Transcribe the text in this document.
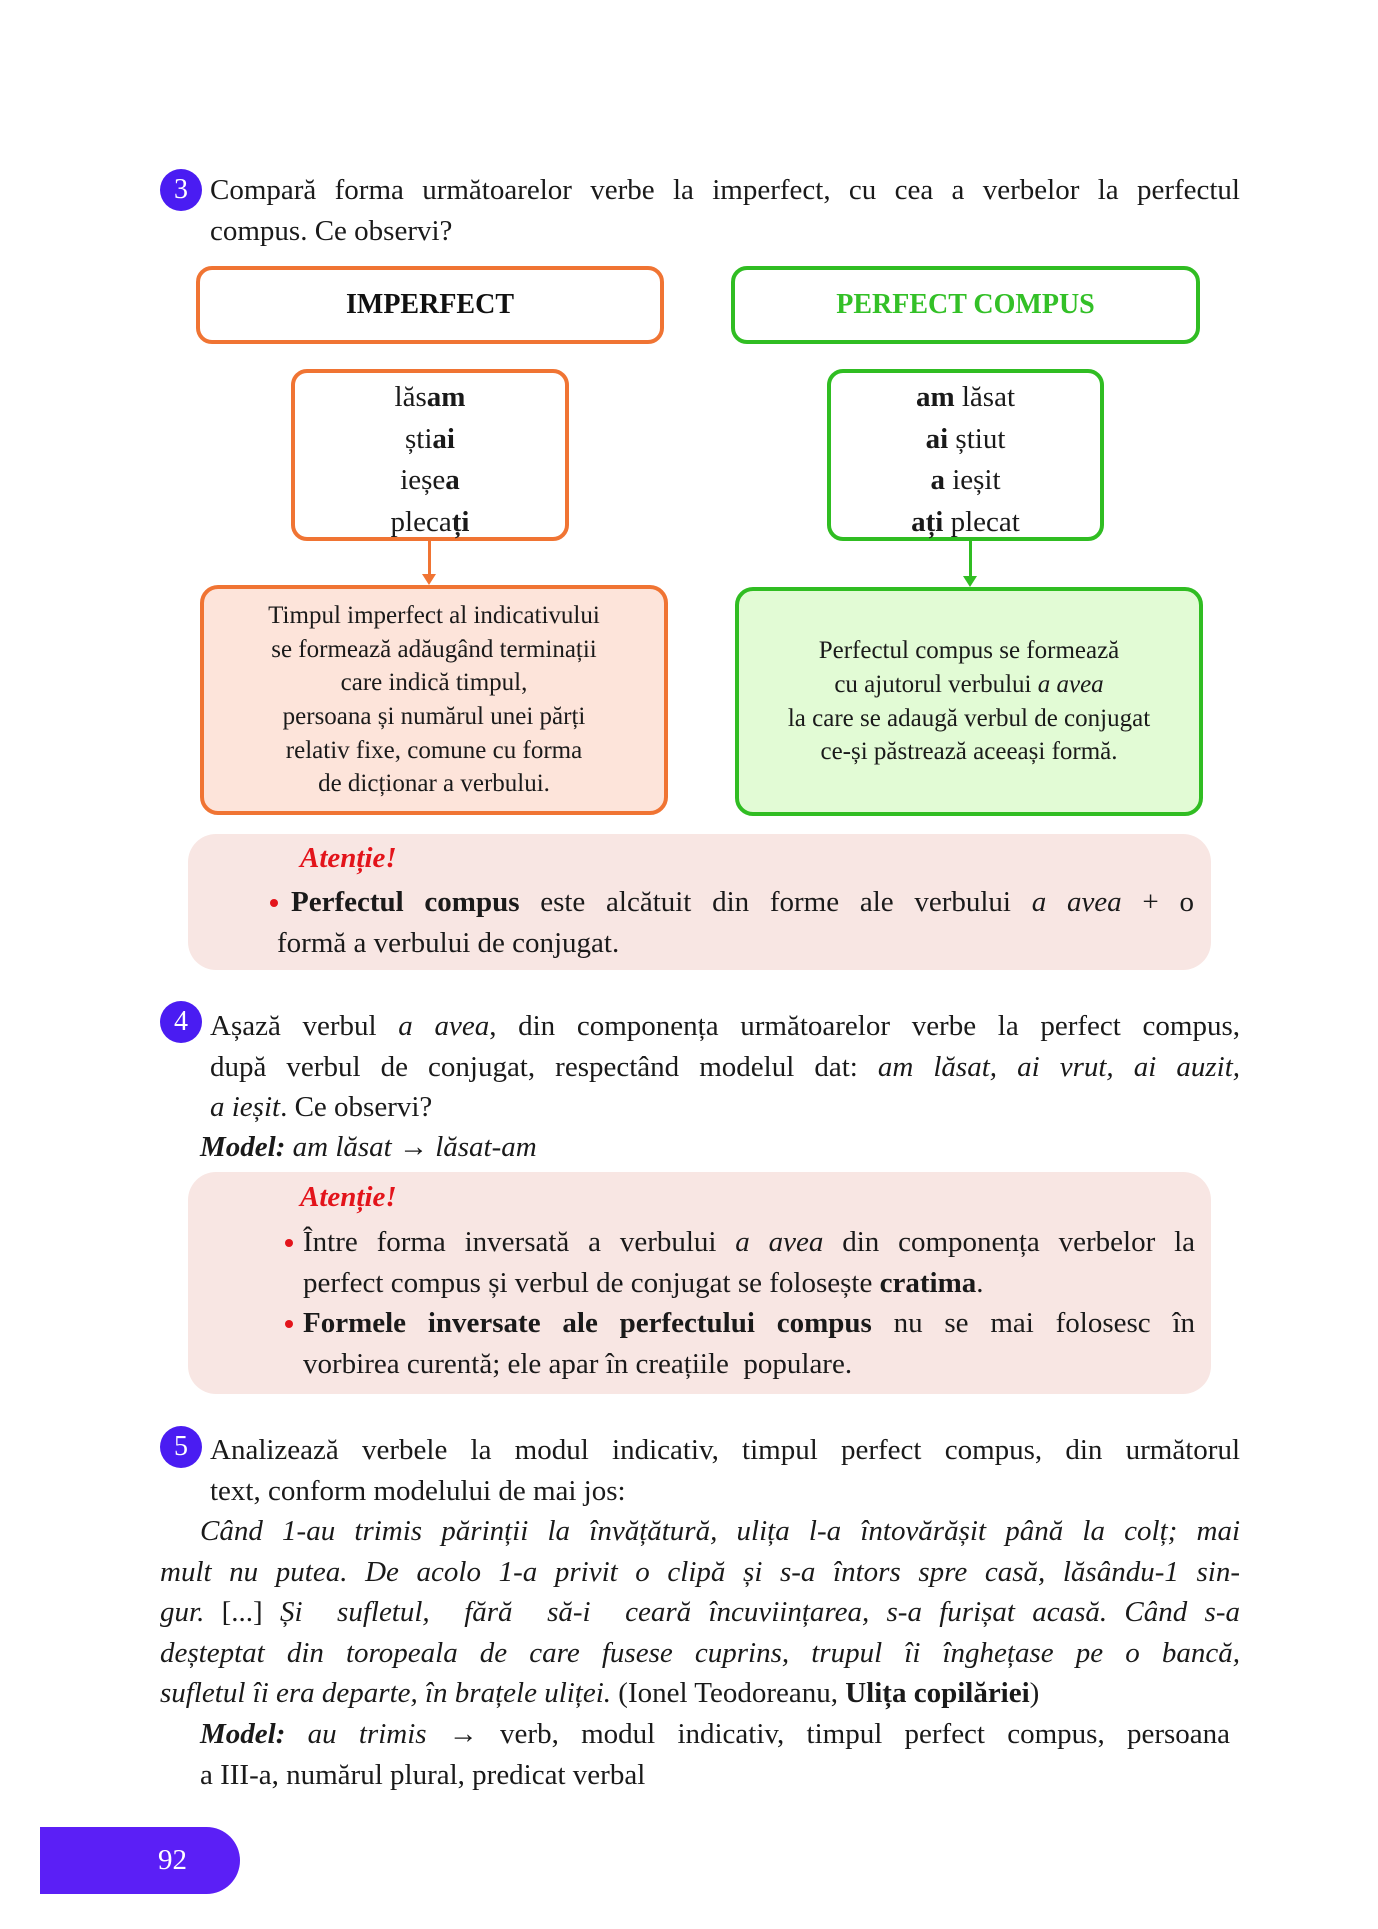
3 Compară forma următoarelor verbe la imperfect, cu cea a verbelor la perfectul
compus. Ce observi?
IMPERFECT	PERFECT COMPUS
lăsam
știai
ieșea
plecați
am lăsat
ai știut
a ieșit
ați plecat
Timpul imperfect al indicativului
se formează adăugând terminații
care indică timpul,
persoana și numărul unei părți
relativ fixe, comune cu forma
de dicționar a verbului.
Perfectul compus se formează
cu ajutorul verbului a avea
la care se adaugă verbul de conjugat
ce-și păstrează aceeași formă.
Atenție!
Perfectul compus este alcătuit din forme ale verbului a avea + o
formă a verbului de conjugat.
4 Așază verbul a avea, din componența următoarelor verbe la perfect compus,
după verbul de conjugat, respectând modelul dat: am lăsat, ai vrut, ai auzit,
a ieșit. Ce observi?
Model: am lăsat → lăsat-am
Atenție!
Între forma inversată a verbului a avea din componența verbelor la
perfect compus și verbul de conjugat se folosește cratima.
Formele inversate ale perfectului compus nu se mai folosesc în
vorbirea curentă; ele apar în creațiile  populare.
5 Analizează verbele la modul indicativ, timpul perfect compus, din următorul
text, conform modelului de mai jos:
Când 1-au trimis părinții la învățătură, ulița l-a întovărășit până la colț; mai
mult nu putea. De acolo 1-a privit o clipă și s-a întors spre casă, lăsându-1 sin-
gur. [...] Și  sufletul,  fără  să-i  ceară încuviințarea, s-a furișat acasă. Când s-a
deșteptat din toropeala de care fusese cuprins, trupul îi înghețase pe o bancă,
sufletul îi era departe, în brațele uliței. (Ionel Teodoreanu, Ulița copilăriei)
Model: au trimis → verb, modul indicativ, timpul perfect compus, persoana
a III-a, numărul plural, predicat verbal
92
